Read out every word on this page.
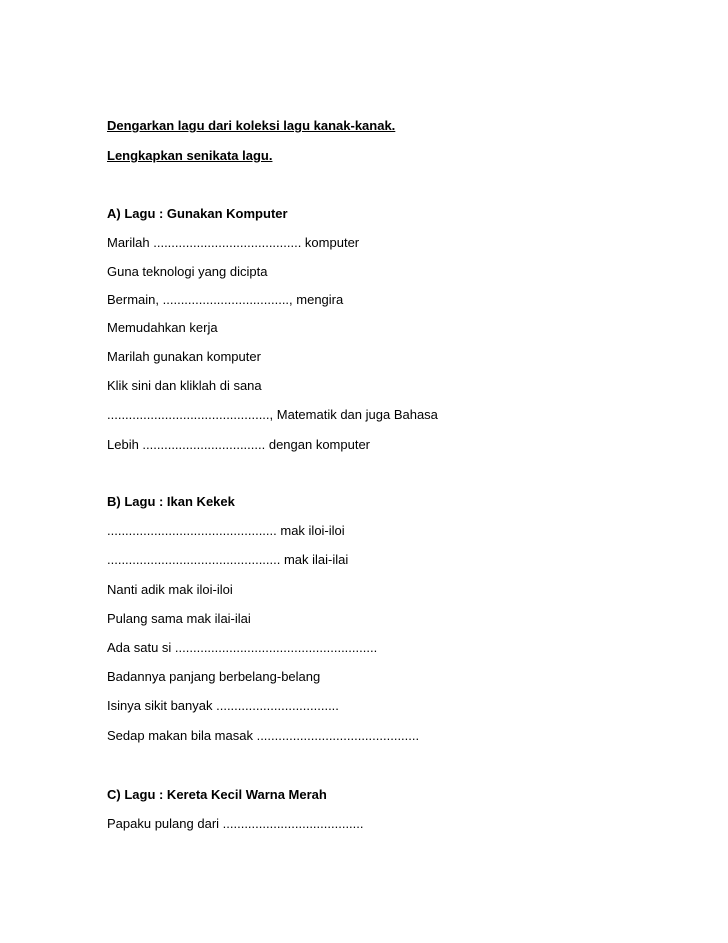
Dengarkan lagu dari koleksi lagu kanak-kanak.
Lengkapkan senikata lagu.
A) Lagu : Gunakan Komputer
Marilah ......................................... komputer
Guna teknologi yang dicipta
Bermain, ..................................., mengira
Memudahkan kerja
Marilah gunakan komputer
Klik sini dan kliklah di sana
............................................., Matematik dan juga Bahasa
Lebih .................................. dengan komputer
B) Lagu : Ikan Kekek
............................................... mak iloi-iloi
................................................ mak ilai-ilai
Nanti adik mak iloi-iloi
Pulang sama mak ilai-ilai
Ada satu si ........................................................
Badannya panjang berbelang-belang
Isinya sikit banyak ..................................
Sedap makan bila masak .............................................
C) Lagu : Kereta Kecil Warna Merah
Papaku pulang dari .......................................
